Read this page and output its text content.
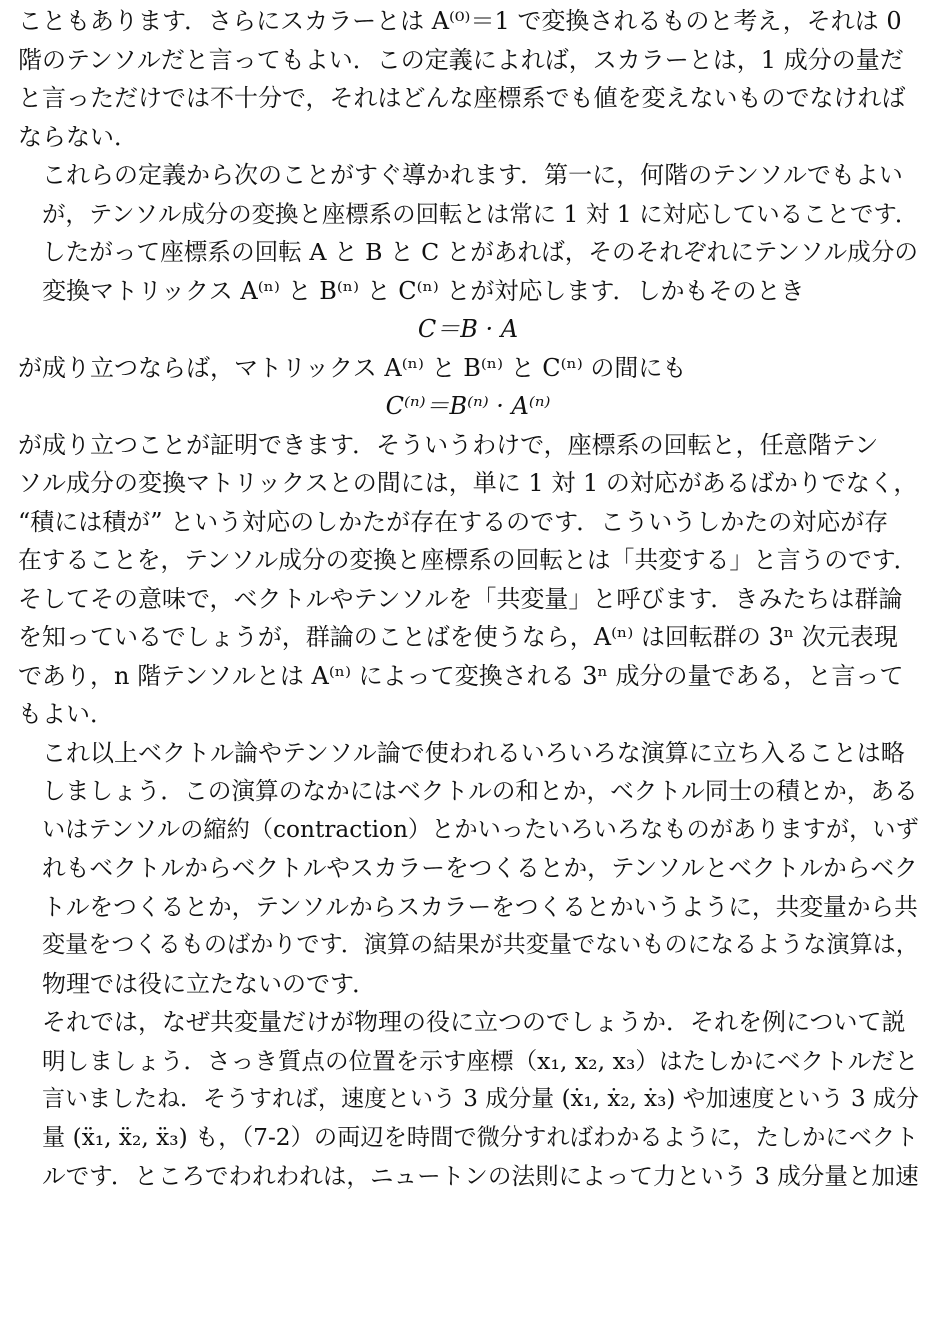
こともあります．さらにスカラーとは A⁽⁰⁾＝1 で変換されるものと考え，それは 0
階のテンソルだと言ってもよい．この定義によれば，スカラーとは，1 成分の量だ
と言っただけでは不十分で，それはどんな座標系でも値を変えないものでなければ
ならない．
これらの定義から次のことがすぐ導かれます．第一に，何階のテンソルでもよい
が，テンソル成分の変換と座標系の回転とは常に 1 対 1 に対応していることです．
したがって座標系の回転 A と B と C とがあれば，そのそれぞれにテンソル成分の
変換マトリックス A⁽ⁿ⁾ と B⁽ⁿ⁾ と C⁽ⁿ⁾ とが対応します．しかもそのとき
C＝B · A
が成り立つならば，マトリックス A⁽ⁿ⁾ と B⁽ⁿ⁾ と C⁽ⁿ⁾ の間にも
C⁽ⁿ⁾＝B⁽ⁿ⁾ · A⁽ⁿ⁾
が成り立つことが証明できます．そういうわけで，座標系の回転と，任意階テン
ソル成分の変換マトリックスとの間には，単に 1 対 1 の対応があるばかりでなく，
“積には積が” という対応のしかたが存在するのです．こういうしかたの対応が存
在することを，テンソル成分の変換と座標系の回転とは「共変する」と言うのです．
そしてその意味で，ベクトルやテンソルを「共変量」と呼びます．きみたちは群論
を知っているでしょうが，群論のことばを使うなら，A⁽ⁿ⁾ は回転群の 3ⁿ 次元表現
であり，n 階テンソルとは A⁽ⁿ⁾ によって変換される 3ⁿ 成分の量である，と言って
もよい．
これ以上ベクトル論やテンソル論で使われるいろいろな演算に立ち入ることは略
しましょう．この演算のなかにはベクトルの和とか，ベクトル同士の積とか，ある
いはテンソルの縮約（contraction）とかいったいろいろなものがありますが，いず
れもベクトルからベクトルやスカラーをつくるとか，テンソルとベクトルからベク
トルをつくるとか，テンソルからスカラーをつくるとかいうように，共変量から共
変量をつくるものばかりです．演算の結果が共変量でないものになるような演算は，
物理では役に立たないのです．
それでは，なぜ共変量だけが物理の役に立つのでしょうか．それを例について説
明しましょう．さっき質点の位置を示す座標（x₁, x₂, x₃）はたしかにベクトルだと
言いましたね．そうすれば，速度という 3 成分量 (ẋ₁, ẋ₂, ẋ₃) や加速度という 3 成分
量 (ẍ₁, ẍ₂, ẍ₃) も，（7-2）の両辺を時間で微分すればわかるように，たしかにベクト
ルです．ところでわれわれは，ニュートンの法則によって力という 3 成分量と加速
